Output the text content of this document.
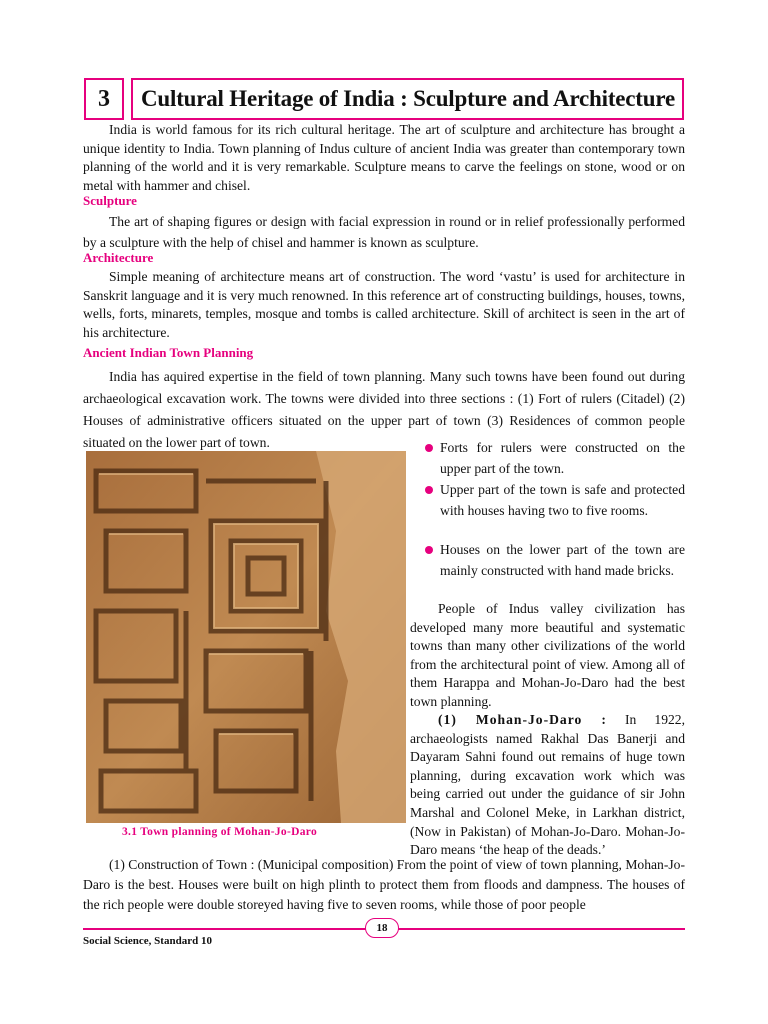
3	Cultural Heritage of India : Sculpture and Architecture

India is world famous for its rich cultural heritage. The art of sculpture and architecture has brought a unique identity to India. Town planning of Indus culture of ancient India was greater than contemporary town planning of the world and it is very remarkable. Sculpture means to carve the feelings on stone, wood or on metal with hammer and chisel.

Sculpture

The art of shaping figures or design with facial expression in round or in relief professionally performed by a sculpture with the help of chisel and hammer is known as sculpture.

Architecture

Simple meaning of architecture means art of construction. The word ‘vastu’ is used for architecture in Sanskrit language and it is very much renowned. In this reference art of constructing buildings, houses, towns, wells, forts, minarets, temples, mosque and tombs is called architecture. Skill of architect is seen in the art of his architecture.

Ancient Indian Town Planning

India has aquired expertise in the field of town planning. Many such towns have been found out during archaeological excavation work. The towns were divided into three sections : (1) Fort of rulers (Citadel) (2) Houses of administrative officers situated on the upper part of town (3) Residences of common people situated on the lower part of town.

3.1 Town planning of Mohan-Jo-Daro
Forts for rulers were constructed on the upper part of the town.
Upper part of the town is safe and protected with houses having two to five rooms.
Houses on the lower part of the town are mainly constructed with hand made bricks.

People of Indus valley civilization has developed many more beautiful and systematic towns than many other civilizations of the world from the architectural point of view. Among all of them Harappa and Mohan-Jo-Daro had the best town planning.

(1) Mohan-Jo-Daro : In 1922, archaeologists named Rakhal Das Banerji and Dayaram Sahni found out remains of huge town planning, during excavation work which was being carried out under the guidance of sir John Marshal and Colonel Meke, in Larkhan district, (Now in Pakistan) of Mohan-Jo-Daro. Mohan-Jo-Daro means ‘the heap of the deads.’

(1) Construction of Town : (Municipal composition) From the point of view of town planning, Mohan-Jo-Daro is the best. Houses were built on high plinth to protect them from floods and dampness. The houses of the rich people were double storeyed having five to seven rooms, while those of poor people

18
Social Science, Standard 10
